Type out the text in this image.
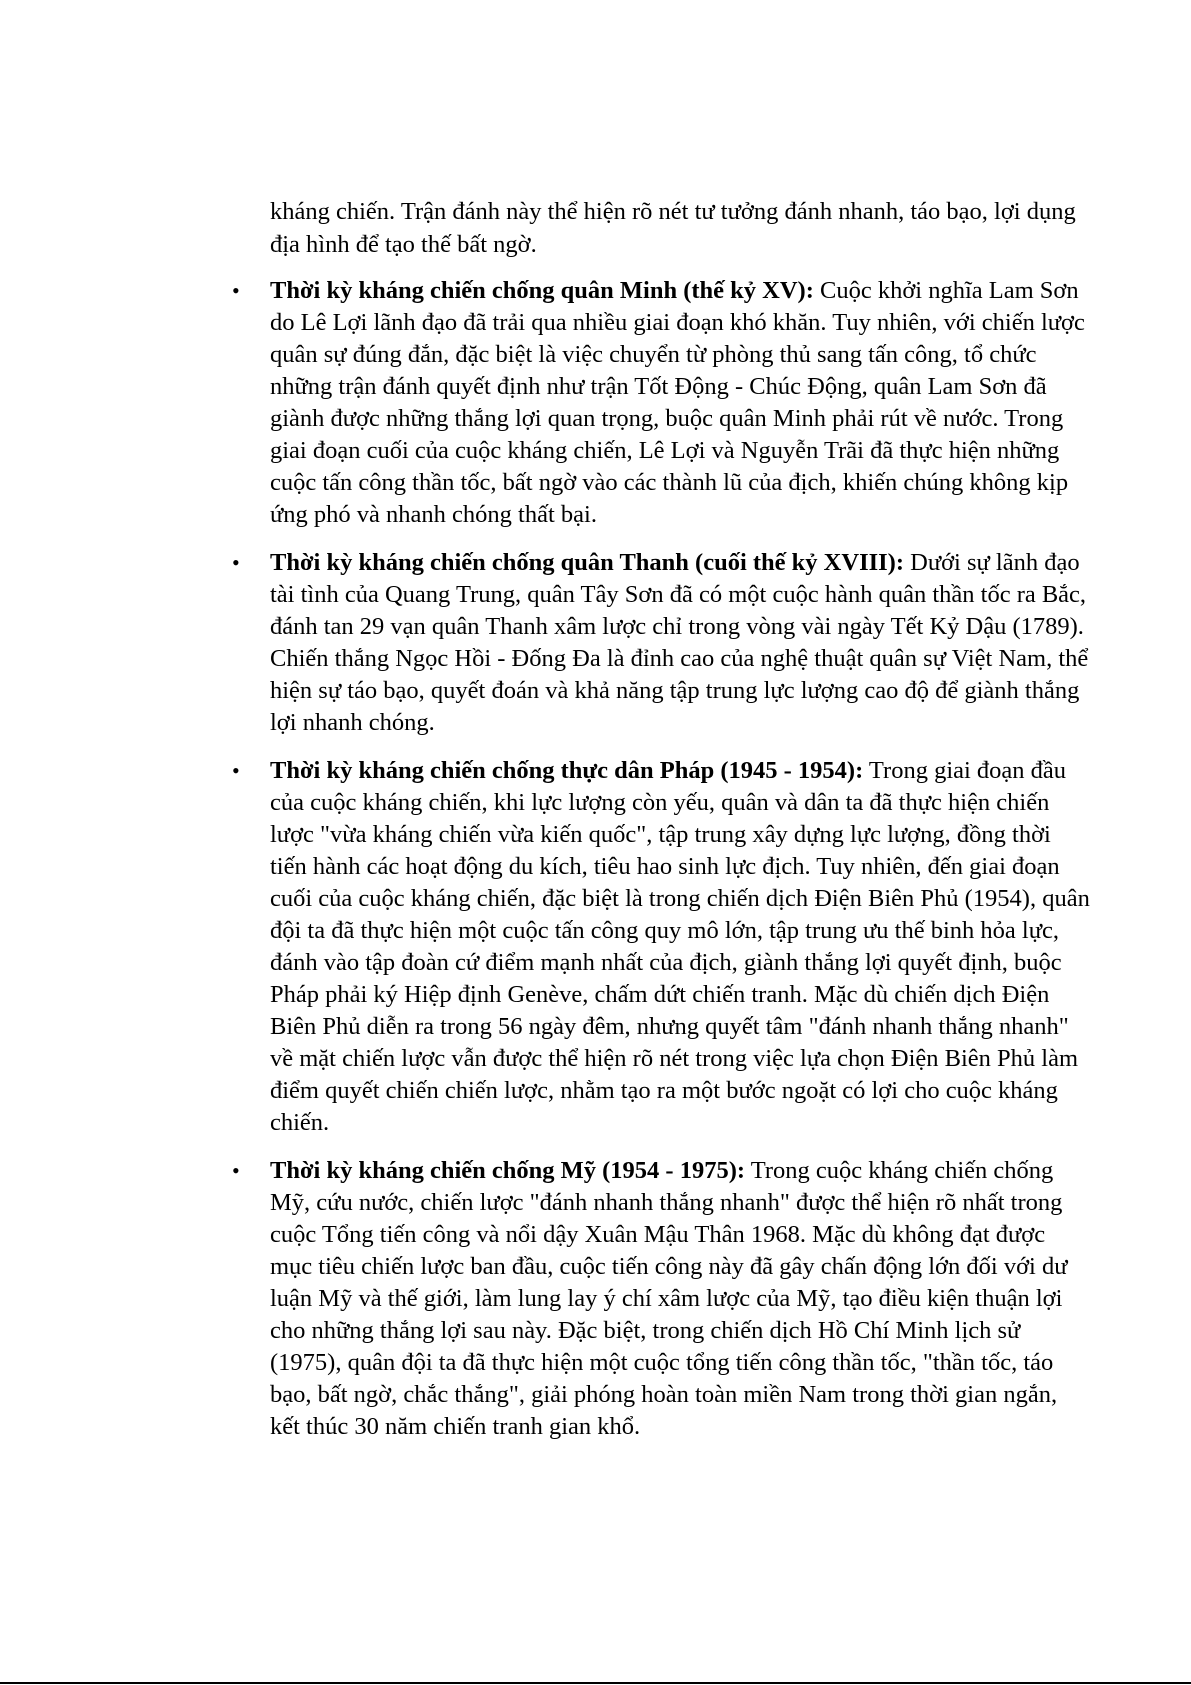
kháng chiến. Trận đánh này thể hiện rõ nét tư tưởng đánh nhanh, táo bạo, lợi dụng địa hình để tạo thế bất ngờ.

• Thời kỳ kháng chiến chống quân Minh (thế kỷ XV): Cuộc khởi nghĩa Lam Sơn do Lê Lợi lãnh đạo đã trải qua nhiều giai đoạn khó khăn. Tuy nhiên, với chiến lược quân sự đúng đắn, đặc biệt là việc chuyển từ phòng thủ sang tấn công, tổ chức những trận đánh quyết định như trận Tốt Động - Chúc Động, quân Lam Sơn đã giành được những thắng lợi quan trọng, buộc quân Minh phải rút về nước. Trong giai đoạn cuối của cuộc kháng chiến, Lê Lợi và Nguyễn Trãi đã thực hiện những cuộc tấn công thần tốc, bất ngờ vào các thành lũ của địch, khiến chúng không kịp ứng phó và nhanh chóng thất bại.
• Thời kỳ kháng chiến chống quân Thanh (cuối thế kỷ XVIII): Dưới sự lãnh đạo tài tình của Quang Trung, quân Tây Sơn đã có một cuộc hành quân thần tốc ra Bắc, đánh tan 29 vạn quân Thanh xâm lược chỉ trong vòng vài ngày Tết Kỷ Dậu (1789). Chiến thắng Ngọc Hồi - Đống Đa là đỉnh cao của nghệ thuật quân sự Việt Nam, thể hiện sự táo bạo, quyết đoán và khả năng tập trung lực lượng cao độ để giành thắng lợi nhanh chóng.
• Thời kỳ kháng chiến chống thực dân Pháp (1945 - 1954): Trong giai đoạn đầu của cuộc kháng chiến, khi lực lượng còn yếu, quân và dân ta đã thực hiện chiến lược "vừa kháng chiến vừa kiến quốc", tập trung xây dựng lực lượng, đồng thời tiến hành các hoạt động du kích, tiêu hao sinh lực địch. Tuy nhiên, đến giai đoạn cuối của cuộc kháng chiến, đặc biệt là trong chiến dịch Điện Biên Phủ (1954), quân đội ta đã thực hiện một cuộc tấn công quy mô lớn, tập trung ưu thế binh hỏa lực, đánh vào tập đoàn cứ điểm mạnh nhất của địch, giành thắng lợi quyết định, buộc Pháp phải ký Hiệp định Genève, chấm dứt chiến tranh. Mặc dù chiến dịch Điện Biên Phủ diễn ra trong 56 ngày đêm, nhưng quyết tâm "đánh nhanh thắng nhanh" về mặt chiến lược vẫn được thể hiện rõ nét trong việc lựa chọn Điện Biên Phủ làm điểm quyết chiến chiến lược, nhằm tạo ra một bước ngoặt có lợi cho cuộc kháng chiến.
• Thời kỳ kháng chiến chống Mỹ (1954 - 1975): Trong cuộc kháng chiến chống Mỹ, cứu nước, chiến lược "đánh nhanh thắng nhanh" được thể hiện rõ nhất trong cuộc Tổng tiến công và nổi dậy Xuân Mậu Thân 1968. Mặc dù không đạt được mục tiêu chiến lược ban đầu, cuộc tiến công này đã gây chấn động lớn đối với dư luận Mỹ và thế giới, làm lung lay ý chí xâm lược của Mỹ, tạo điều kiện thuận lợi cho những thắng lợi sau này. Đặc biệt, trong chiến dịch Hồ Chí Minh lịch sử (1975), quân đội ta đã thực hiện một cuộc tổng tiến công thần tốc, "thần tốc, táo bạo, bất ngờ, chắc thắng", giải phóng hoàn toàn miền Nam trong thời gian ngắn, kết thúc 30 năm chiến tranh gian khổ.
